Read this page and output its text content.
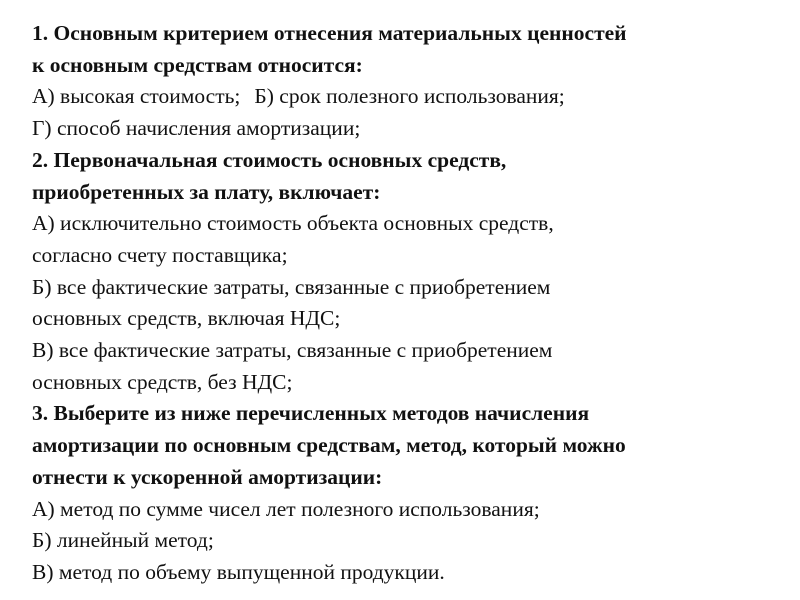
1. Основным критерием отнесения материальных ценностей
к основным средствам относится:
А) высокая стоимость; Б) срок полезного использования;
Г) способ начисления амортизации;
2. Первоначальная стоимость основных средств,
приобретенных за плату, включает:
А) исключительно стоимость объекта основных средств,
согласно счету поставщика;
Б) все фактические затраты, связанные с приобретением
основных средств, включая НДС;
В) все фактические затраты, связанные с приобретением
основных средств, без НДС;
3. Выберите из ниже перечисленных методов начисления
амортизации по основным средствам, метод, который можно
отнести к ускоренной амортизации:
А) метод по сумме чисел лет полезного использования;
Б) линейный метод;
В) метод по объему выпущенной продукции.
